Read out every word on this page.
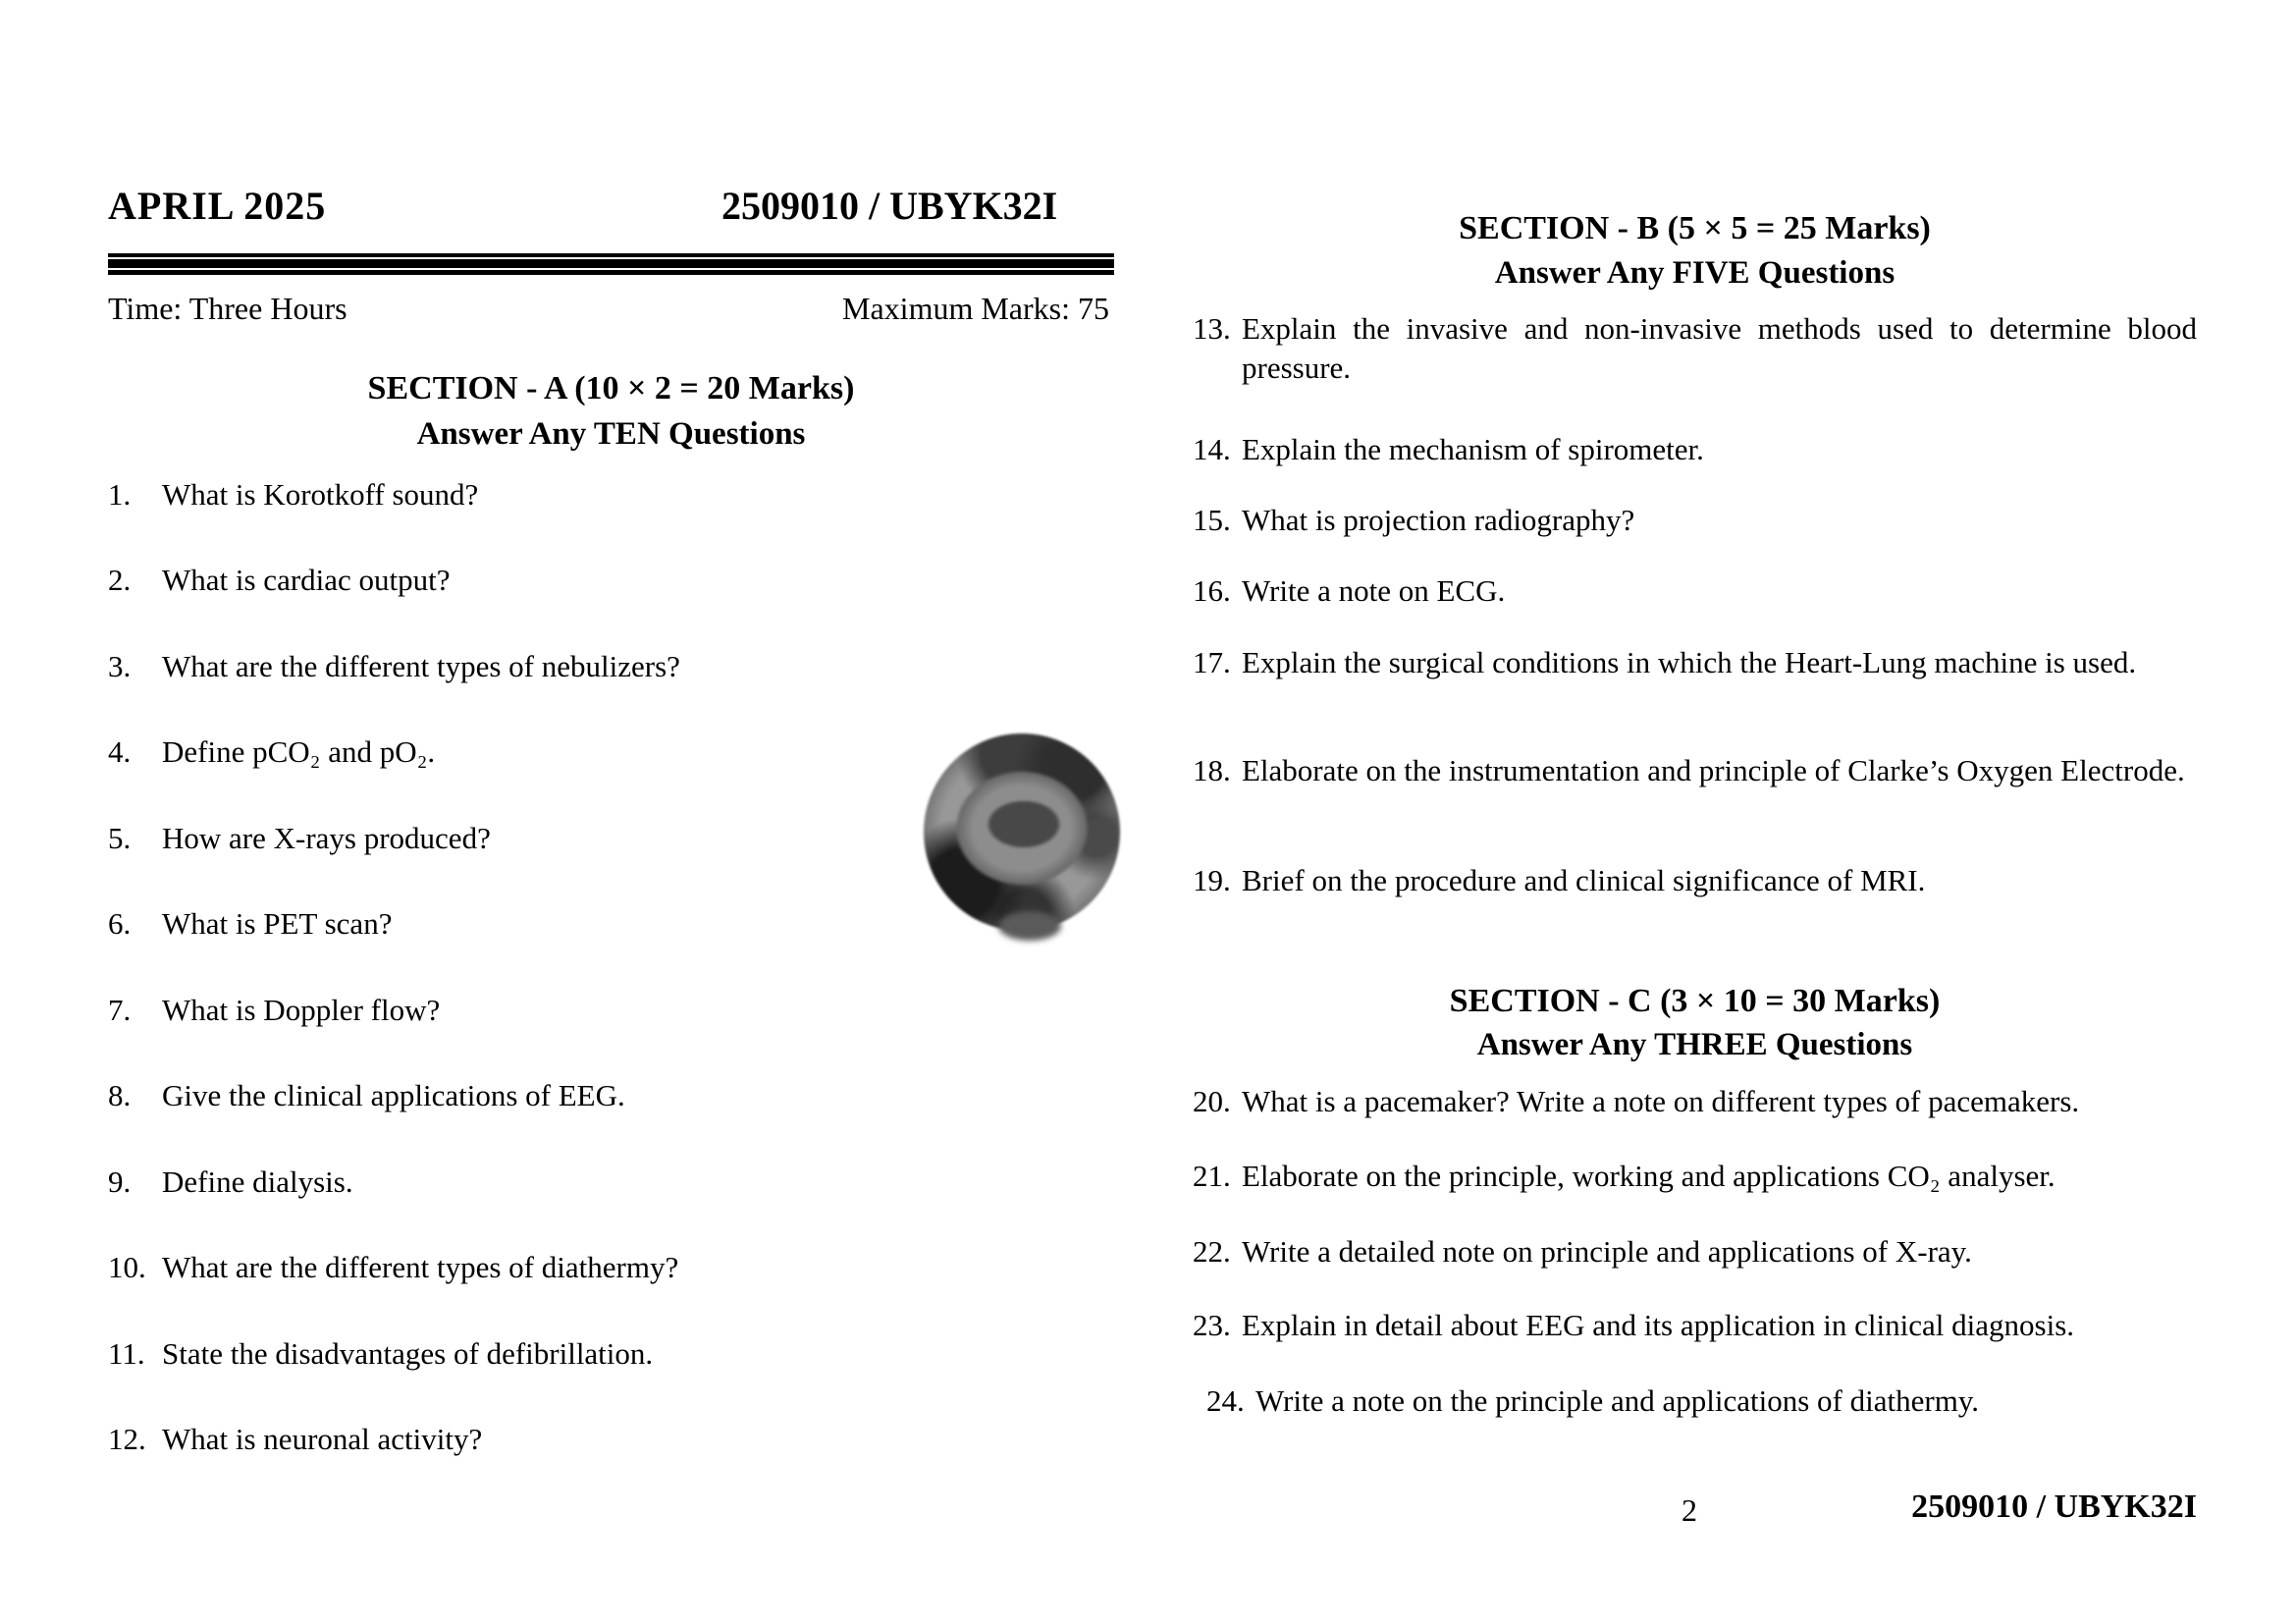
APRIL 2025	2509010 / UBYK32I
Time: Three Hours	Maximum Marks: 75
SECTION - A (10 × 2 = 20 Marks)
Answer Any TEN Questions
1. What is Korotkoff sound?
2. What is cardiac output?
3. What are the different types of nebulizers?
4. Define pCO₂ and pO₂.
5. How are X-rays produced?
6. What is PET scan?
7. What is Doppler flow?
8. Give the clinical applications of EEG.
9. Define dialysis.
10. What are the different types of diathermy?
11. State the disadvantages of defibrillation.
12. What is neuronal activity?
SECTION - B (5 × 5 = 25 Marks)
Answer Any FIVE Questions
13. Explain the invasive and non-invasive methods used to determine blood pressure.
14. Explain the mechanism of spirometer.
15. What is projection radiography?
16. Write a note on ECG.
17. Explain the surgical conditions in which the Heart-Lung machine is used.
18. Elaborate on the instrumentation and principle of Clarke’s Oxygen Electrode.
19. Brief on the procedure and clinical significance of MRI.
SECTION - C (3 × 10 = 30 Marks)
Answer Any THREE Questions
20. What is a pacemaker? Write a note on different types of pacemakers.
21. Elaborate on the principle, working and applications CO₂ analyser.
22. Write a detailed note on principle and applications of X-ray.
23. Explain in detail about EEG and its application in clinical diagnosis.
24. Write a note on the principle and applications of diathermy.
2	2509010 / UBYK32I
